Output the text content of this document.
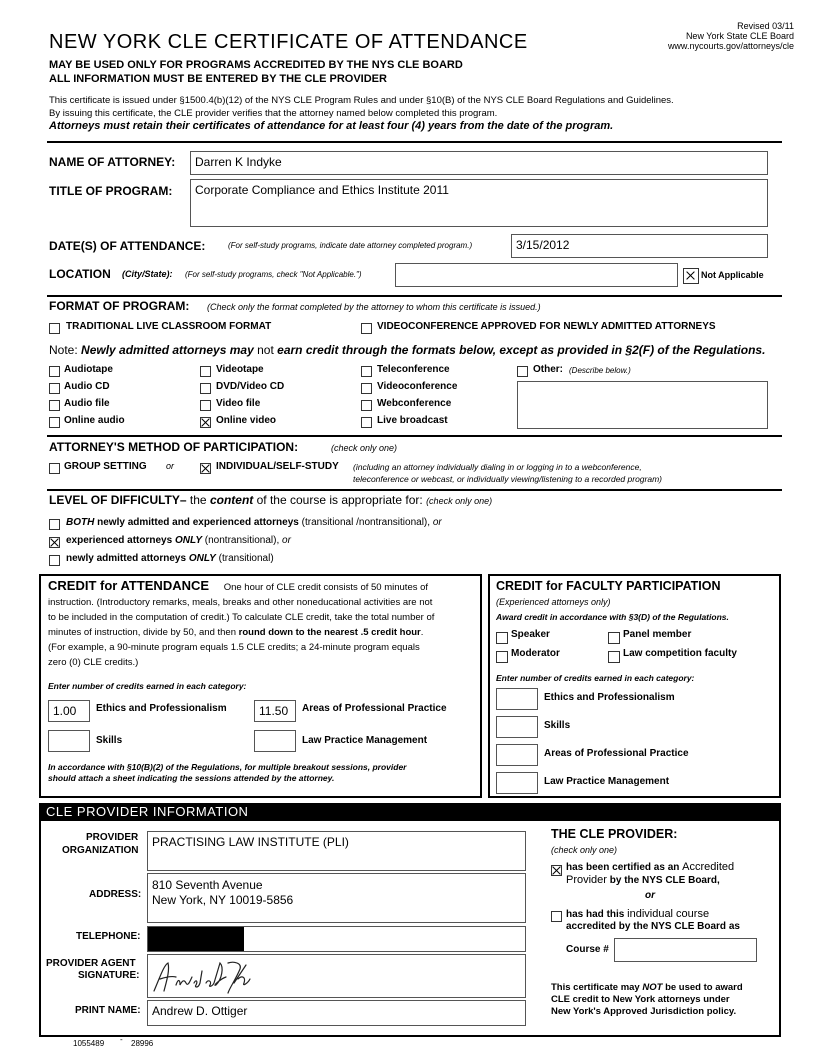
Revised 03/11
New York State CLE Board
www.nycourts.gov/attorneys/cle
NEW YORK CLE CERTIFICATE OF ATTENDANCE
MAY BE USED ONLY FOR PROGRAMS ACCREDITED BY THE NYS CLE BOARD
ALL INFORMATION MUST BE ENTERED BY THE CLE PROVIDER
This certificate is issued under §1500.4(b)(12) of the NYS CLE Program Rules and under §10(B) of the NYS CLE Board Regulations and Guidelines.
By issuing this certificate, the CLE provider verifies that the attorney named below completed this program.
Attorneys must retain their certificates of attendance for at least four (4) years from the date of the program.
NAME OF ATTORNEY:	Darren K Indyke
TITLE OF PROGRAM:	Corporate Compliance and Ethics Institute 2011
DATE(S) OF ATTENDANCE:	(For self-study programs, indicate date attorney completed program.)	3/15/2012
LOCATION (City/State): (For self-study programs, check "Not Applicable.")	Not Applicable
FORMAT OF PROGRAM: (Check only the format completed by the attorney to whom this certificate is issued.)
TRADITIONAL LIVE CLASSROOM FORMAT	VIDEOCONFERENCE APPROVED FOR NEWLY ADMITTED ATTORNEYS
Note: Newly admitted attorneys may not earn credit through the formats below, except as provided in §2(F) of the Regulations.
Audiotape
Audio CD
Audio file
Online audio
Videotape
DVD/Video CD
Video file
Online video
Teleconference
Videoconference
Webconference
Live broadcast
Other: (Describe below.)
ATTORNEY'S METHOD OF PARTICIPATION:	(check only one)
GROUP SETTING or	INDIVIDUAL/SELF-STUDY (including an attorney individually dialing in or logging in to a webconference,
teleconference or webcast, or individually viewing/listening to a recorded program)
LEVEL OF DIFFICULTY– the content of the course is appropriate for: (check only one)
BOTH newly admitted and experienced attorneys (transitional /nontransitional), or
experienced attorneys ONLY (nontransitional), or
newly admitted attorneys ONLY (transitional)
CREDIT for ATTENDANCE One hour of CLE credit consists of 50 minutes of
instruction. (Introductory remarks, meals, breaks and other noneducational activities are not
to be included in the computation of credit.) To calculate CLE credit, take the total number of
minutes of instruction, divide by 50, and then round down to the nearest .5 credit hour.
(For example, a 90-minute program equals 1.5 CLE credits; a 24-minute program equals
zero (0) CLE credits.)
Enter number of credits earned in each category:
1.00	Ethics and Professionalism	11.50	Areas of Professional Practice
Skills	Law Practice Management
In accordance with §10(B)(2) of the Regulations, for multiple breakout sessions, provider
should attach a sheet indicating the sessions attended by the attorney.
CREDIT for FACULTY PARTICIPATION
(Experienced attorneys only)
Award credit in accordance with §3(D) of the Regulations.
Speaker	Panel member
Moderator	Law competition faculty
Enter number of credits earned in each category:
Ethics and Professionalism
Skills
Areas of Professional Practice
Law Practice Management
CLE PROVIDER INFORMATION
PROVIDER
ORGANIZATION
PRACTISING LAW INSTITUTE (PLI)
ADDRESS:
810 Seventh Avenue
New York, NY 10019-5856
TELEPHONE:
PROVIDER AGENT
SIGNATURE:
PRINT NAME: Andrew D. Ottiger
THE CLE PROVIDER:
(check only one)
has been certified as an Accredited
Provider by the NYS CLE Board,
or
has had this individual course
accredited by the NYS CLE Board as
Course #
This certificate may NOT be used to award
CLE credit to New York attorneys under
New York's Approved Jurisdiction policy.
1055489 - 28996
